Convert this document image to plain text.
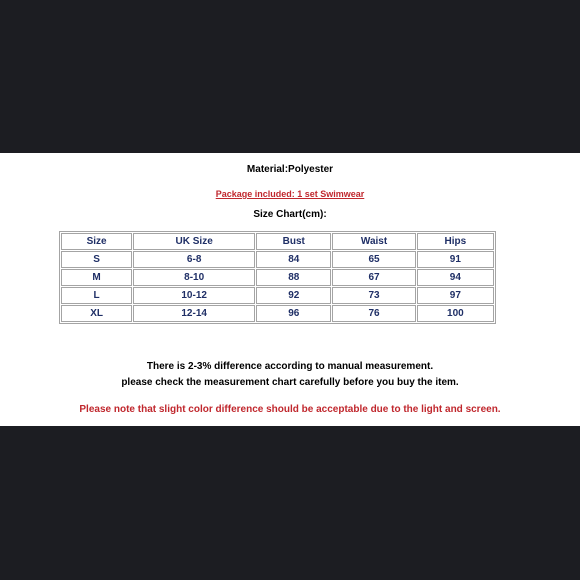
Material:Polyester
Package included: 1 set Swimwear
Size Chart(cm):
Size	UK Size	Bust	Waist	Hips
S	6-8	84	65	91
M	8-10	88	67	94
L	10-12	92	73	97
XL	12-14	96	76	100
There is 2-3% difference according to manual measurement.
please check the measurement chart carefully before you buy the item.
Please note that slight color difference should be acceptable due to the light and screen.
